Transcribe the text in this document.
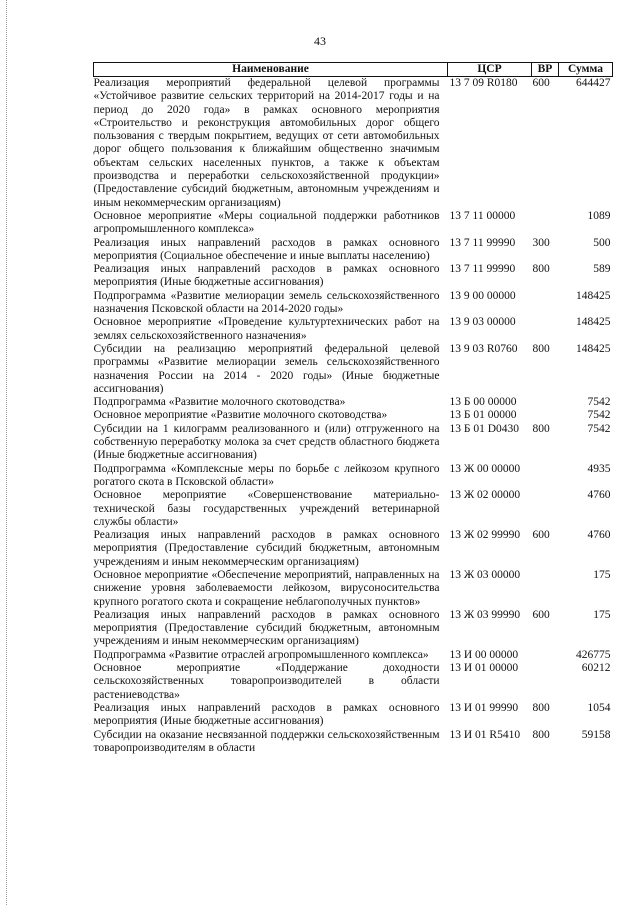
43
Наименование	ЦСР	ВР	Сумма
Реализация мероприятий федеральной целевой программы «Устойчивое развитие сельских территорий на 2014-2017 годы и на период до 2020 года» в рамках основного мероприятия «Строительство и реконструкция автомобильных дорог общего пользования с твердым покрытием, ведущих от сети автомобильных дорог общего пользования к ближайшим общественно значимым объектам сельских населенных пунктов, а также к объектам производства и переработки сельскохозяйственной продукции» (Предоставление субсидий бюджетным, автономным учреждениям и иным некоммерческим организациям)	13 7 09 R0180	600	644427
Основное мероприятие «Меры социальной поддержки работников агропромышленного комплекса»	13 7 11 00000		1089
Реализация иных направлений расходов в рамках основного мероприятия (Социальное обеспечение и иные выплаты населению)	13 7 11 99990	300	500
Реализация иных направлений расходов в рамках основного мероприятия (Иные бюджетные ассигнования)	13 7 11 99990	800	589
Подпрограмма «Развитие мелиорации земель сельскохозяйственного назначения Псковской области на 2014-2020 годы»	13 9 00 00000		148425
Основное мероприятие «Проведение культуртехнических работ на землях сельскохозяйственного назначения»	13 9 03 00000		148425
Субсидии на реализацию мероприятий федеральной целевой программы «Развитие мелиорации земель сельскохозяйственного назначения России на 2014 - 2020 годы» (Иные бюджетные ассигнования)	13 9 03 R0760	800	148425
Подпрограмма «Развитие молочного скотоводства»	13 Б 00 00000		7542
Основное мероприятие «Развитие молочного скотоводства»	13 Б 01 00000		7542
Субсидии на 1 килограмм реализованного и (или) отгруженного на собственную переработку молока за счет средств областного бюджета (Иные бюджетные ассигнования)	13 Б 01 D0430	800	7542
Подпрограмма «Комплексные меры по борьбе с лейкозом крупного рогатого скота в Псковской области»	13 Ж 00 00000		4935
Основное мероприятие «Совершенствование материально-технической базы государственных учреждений ветеринарной службы области»	13 Ж 02 00000		4760
Реализация иных направлений расходов в рамках основного мероприятия (Предоставление субсидий бюджетным, автономным учреждениям и иным некоммерческим организациям)	13 Ж 02 99990	600	4760
Основное мероприятие «Обеспечение мероприятий, направленных на снижение уровня заболеваемости лейкозом, вирусоносительства крупного рогатого скота и сокращение неблагополучных пунктов»	13 Ж 03 00000		175
Реализация иных направлений расходов в рамках основного мероприятия (Предоставление субсидий бюджетным, автономным учреждениям и иным некоммерческим организациям)	13 Ж 03 99990	600	175
Подпрограмма «Развитие отраслей агропромышленного комплекса»	13 И 00 00000		426775
Основное мероприятие «Поддержание доходности сельскохозяйственных товаропроизводителей в области растениеводства»	13 И 01 00000		60212
Реализация иных направлений расходов в рамках основного мероприятия (Иные бюджетные ассигнования)	13 И 01 99990	800	1054
Субсидии на оказание несвязанной поддержки сельскохозяйственным товаропроизводителям в области	13 И 01 R5410	800	59158
